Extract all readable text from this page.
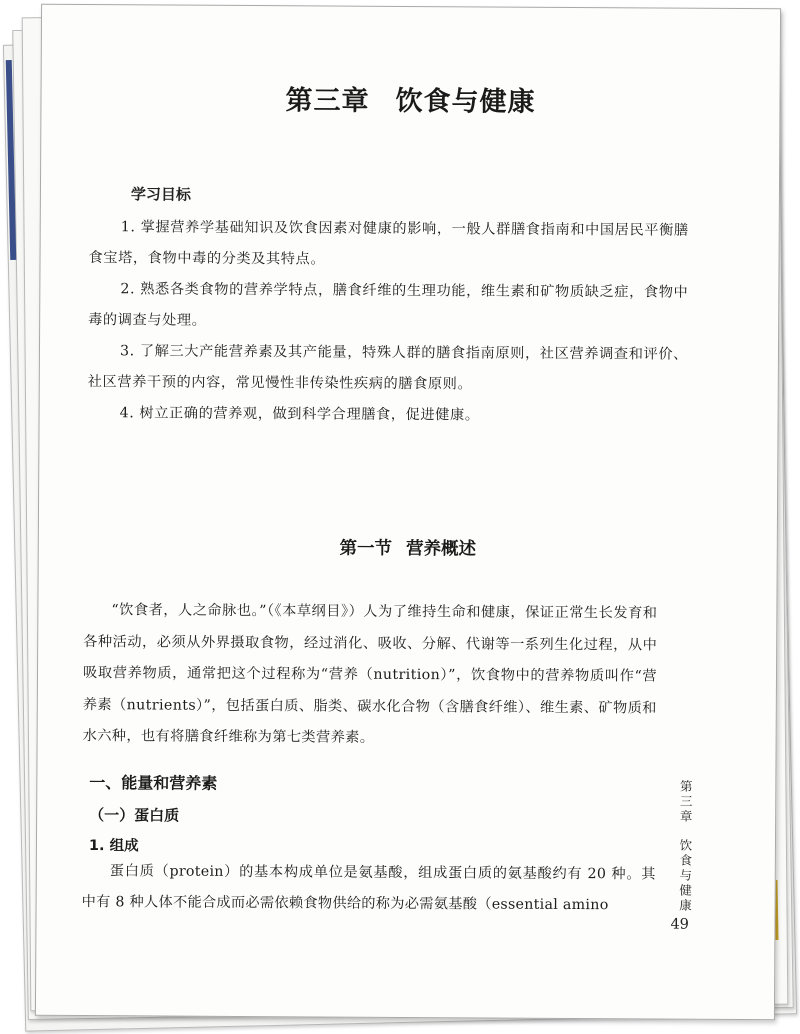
第三章 饮食与健康
学习目标
1. 掌握营养学基础知识及饮食因素对健康的影响，一般人群膳食指南和中国居民平衡膳食宝塔，食物中毒的分类及其特点。
2. 熟悉各类食物的营养学特点，膳食纤维的生理功能，维生素和矿物质缺乏症，食物中毒的调查与处理。
3. 了解三大产能营养素及其产能量，特殊人群的膳食指南原则，社区营养调查和评价、社区营养干预的内容，常见慢性非传染性疾病的膳食原则。
4. 树立正确的营养观，做到科学合理膳食，促进健康。
第一节 营养概述

“饮食者，人之命脉也。”（《本草纲目》）人为了维持生命和健康，保证正常生长发育和各种活动，必须从外界摄取食物，经过消化、吸收、分解、代谢等一系列生化过程，从中吸取营养物质，通常把这个过程称为“营养（nutrition）”，饮食物中的营养物质叫作“营养素（nutrients）”，包括蛋白质、脂类、碳水化合物（含膳食纤维）、维生素、矿物质和水六种，也有将膳食纤维称为第七类营养素。

一、能量和营养素
（一）蛋白质
1. 组成

蛋白质（protein）的基本构成单位是氨基酸，组成蛋白质的氨基酸约有 20 种。其中有 8 种人体不能合成而必需依赖食物供给的称为必需氨基酸（essential amino

第三章
饮食与健康

49
